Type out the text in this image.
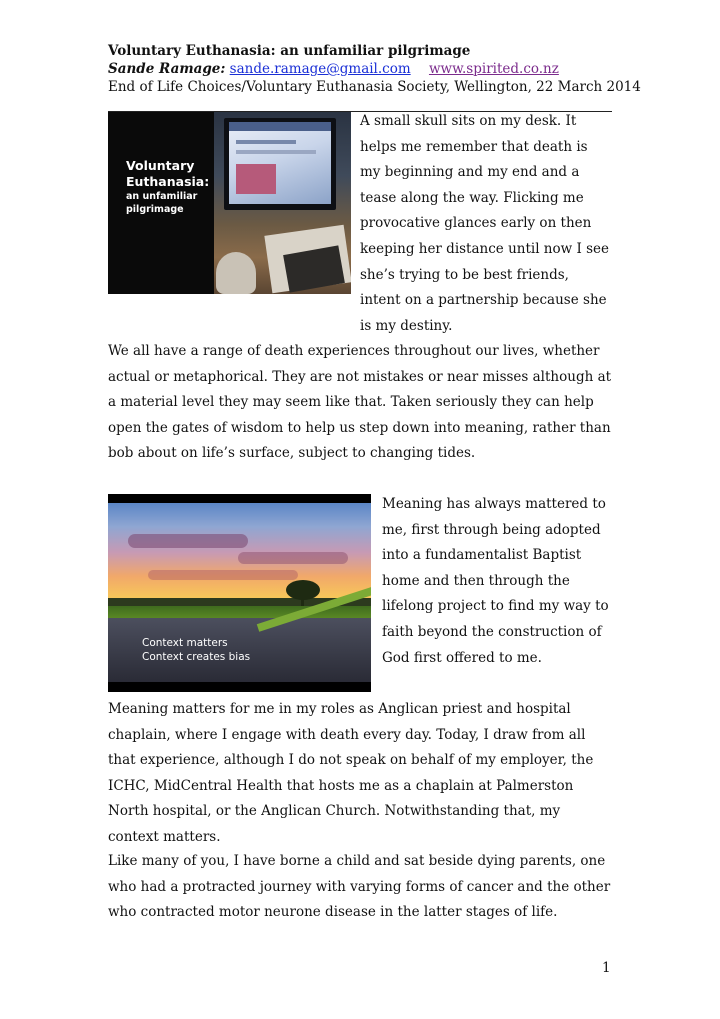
Voluntary Euthanasia: an unfamiliar pilgrimage
Sande Ramage: sande.ramage@gmail.com www.spirited.co.nz
End of Life Choices/Voluntary Euthanasia Society, Wellington, 22 March 2014
Voluntary
Euthanasia:
an unfamiliar
pilgrimage

A small skull sits on my desk. It helps me remember that death is my beginning and my end and a tease along the way. Flicking me provocative glances early on then keeping her distance until now I see she’s trying to be best friends, intent on a partnership because she is my destiny.

We all have a range of death experiences throughout our lives, whether actual or metaphorical. They are not mistakes or near misses although at a material level they may seem like that. Taken seriously they can help open the gates of wisdom to help us step down into meaning, rather than bob about on life’s surface, subject to changing tides.

Context matters
Context creates bias

Meaning has always mattered to me, first through being adopted into a fundamentalist Baptist home and then through the lifelong project to find my way to faith beyond the construction of God first offered to me.

Meaning matters for me in my roles as Anglican priest and hospital chaplain, where I engage with death every day. Today, I draw from all that experience, although I do not speak on behalf of my employer, the ICHC, MidCentral Health that hosts me as a chaplain at Palmerston North hospital, or the Anglican Church. Notwithstanding that, my context matters.

Like many of you, I have borne a child and sat beside dying parents, one who had a protracted journey with varying forms of cancer and the other who contracted motor neurone disease in the latter stages of life.

1
